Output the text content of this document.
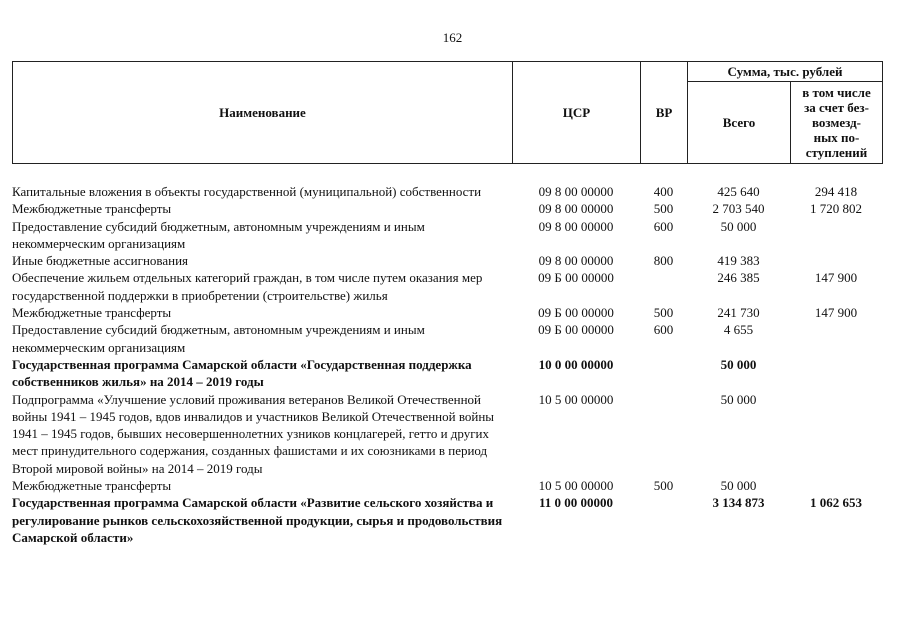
162
Наименование	ЦСР	ВР	Сумма, тыс. рублей	
			Всего	в том числе
за счет без-
возмезд-
ных по-
ступлений
Капитальные вложения в объекты государственной (муниципальной) собственности	09 8 00 00000	400	425 640	294 418
Межбюджетные трансферты	09 8 00 00000	500	2 703 540	1 720 802
Предоставление субсидий бюджетным, автономным учреждениям и иным некоммерческим организациям	09 8 00 00000	600	50 000	
Иные бюджетные ассигнования	09 8 00 00000	800	419 383	
Обеспечение жильем отдельных категорий граждан, в том числе путем оказания мер государственной поддержки в приобретении (строительстве) жилья	09 Б 00 00000		246 385	147 900
Межбюджетные трансферты	09 Б 00 00000	500	241 730	147 900
Предоставление субсидий бюджетным, автономным учреждениям и иным некоммерческим организациям	09 Б 00 00000	600	4 655	
Государственная программа Самарской области «Государственная поддержка собственников жилья» на 2014 – 2019 годы	10 0 00 00000		50 000	
Подпрограмма «Улучшение условий проживания ветеранов Великой Отечественной войны 1941 – 1945 годов, вдов инвалидов и участников Великой Отечественной войны 1941 – 1945 годов, бывших несовершеннолетних узников концлагерей, гетто и других мест принудительного содержания, созданных фашистами и их союзниками в период Второй мировой войны» на 2014 – 2019 годы	10 5 00 00000		50 000	
Межбюджетные трансферты	10 5 00 00000	500	50 000	
Государственная программа Самарской области «Развитие сельского хозяйства и регулирование рынков сельскохозяйственной продукции, сырья и продовольствия Самарской области»	11 0 00 00000		3 134 873	1 062 653
